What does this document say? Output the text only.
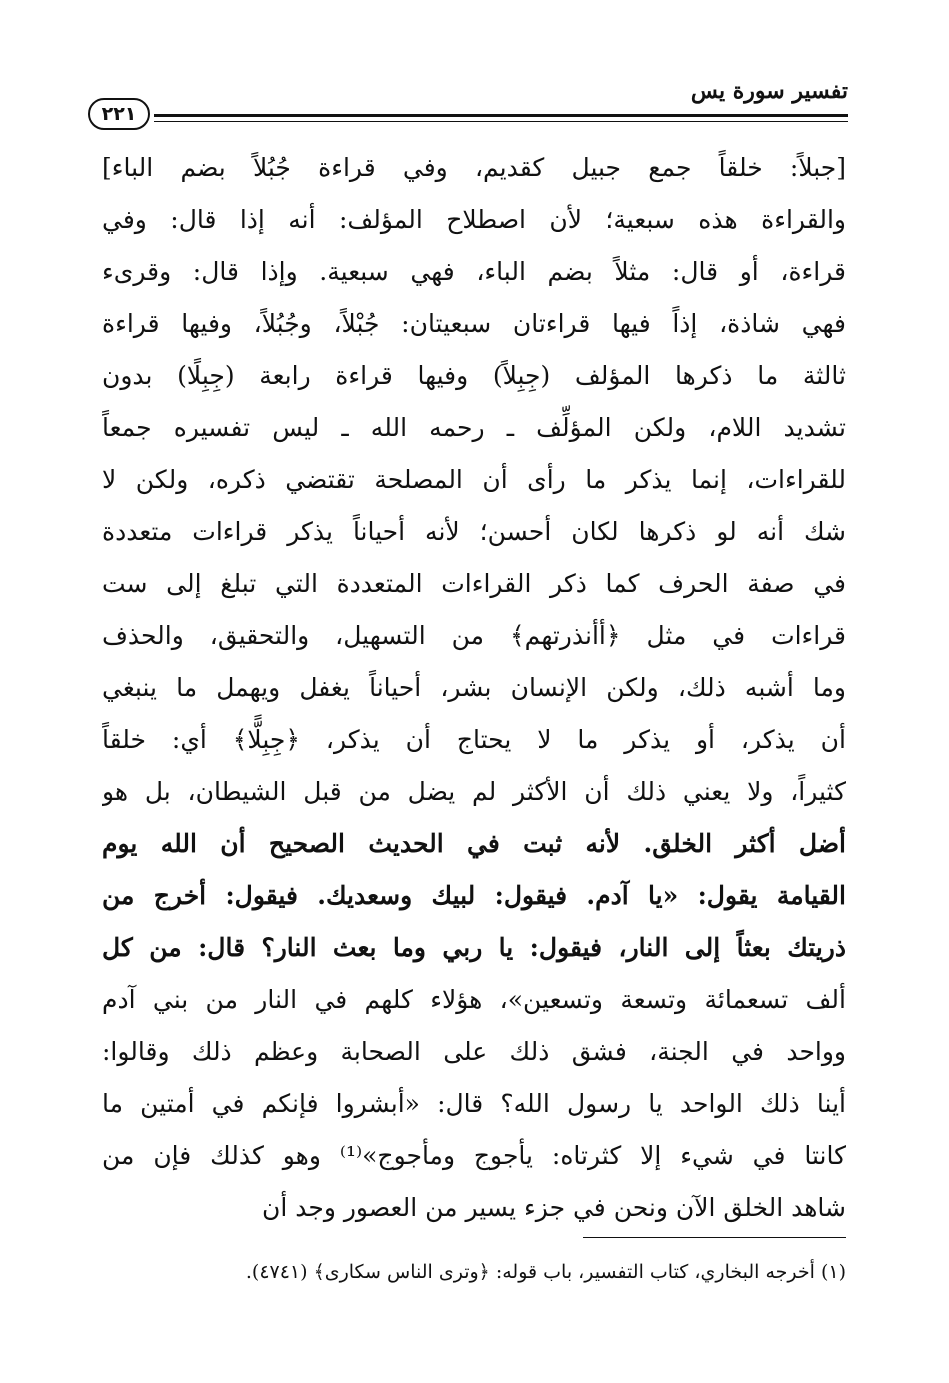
تفسير سورة يس
٢٢١
[جبلاً: خلقاً جمع جبيل كقديم، وفي قراءة جُبُلاً بضم الباء]
والقراءة هذه سبعية؛ لأن اصطلاح المؤلف: أنه إذا قال: وفي
قراءة، أو قال: مثلاً بضم الباء، فهي سبعية. وإذا قال: وقرىء
فهي شاذة، إذاً فيها قراءتان سبعيتان: جُبْلاً، وجُبُلاً، وفيها قراءة
ثالثة ما ذكرها المؤلف (جِبِلاً) وفيها قراءة رابعة (جِبِلًا) بدون
تشديد اللام، ولكن المؤلِّف ـ رحمه الله ـ ليس تفسيره جمعاً
للقراءات، إنما يذكر ما رأى أن المصلحة تقتضي ذكره، ولكن لا
شك أنه لو ذكرها لكان أحسن؛ لأنه أحياناً يذكر قراءات متعددة
في صفة الحرف كما ذكر القراءات المتعددة التي تبلغ إلى ست
قراءات في مثل ﴿أأنذرتهم﴾ من التسهيل، والتحقيق، والحذف
وما أشبه ذلك، ولكن الإنسان بشر، أحياناً يغفل ويهمل ما ينبغي
أن يذكر، أو يذكر ما لا يحتاج أن يذكر، ﴿جِبِلًّا﴾ أي: خلقاً
كثيراً، ولا يعني ذلك أن الأكثر لم يضل من قبل الشيطان، بل هو
أضل أكثر الخلق. لأنه ثبت في الحديث الصحيح أن الله يوم
القيامة يقول: «يا آدم. فيقول: لبيك وسعديك. فيقول: أخرج من
ذريتك بعثاً إلى النار، فيقول: يا ربي وما بعث النار؟ قال: من كل
ألف تسعمائة وتسعة وتسعين»، هؤلاء كلهم في النار من بني آدم
وواحد في الجنة، فشق ذلك على الصحابة وعظم ذلك وقالوا:
أينا ذلك الواحد يا رسول الله؟ قال: «أبشروا فإنكم في أمتين ما
كانتا في شيء إلا كثرتاه: يأجوج ومأجوج»⁽¹⁾ وهو كذلك فإن من
شاهد الخلق الآن ونحن في جزء يسير من العصور وجد أن
(١) أخرجه البخاري، كتاب التفسير، باب قوله: ﴿وترى الناس سكارى﴾ (٤٧٤١).
